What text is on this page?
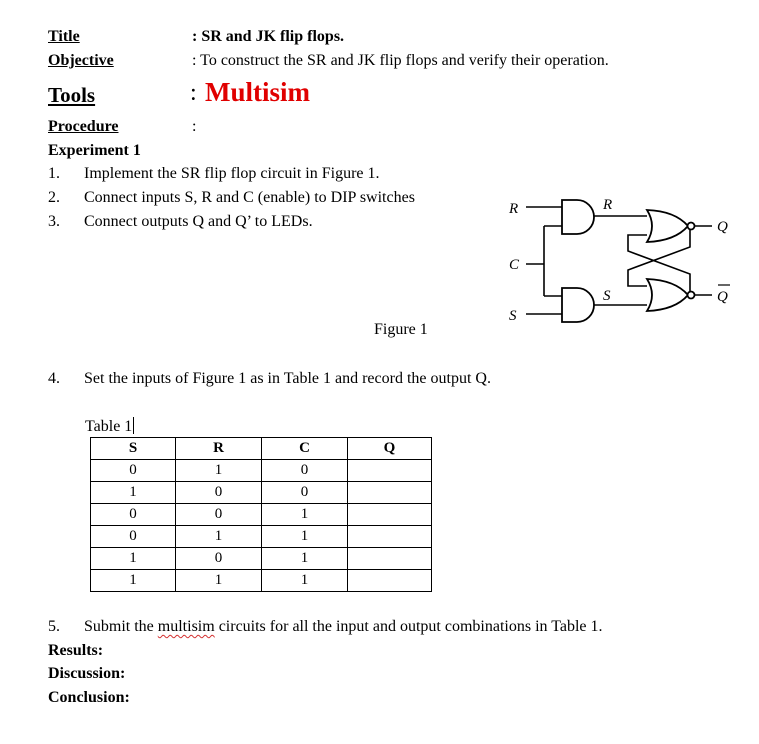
Title	: SR and JK flip flops.
Objective	: To construct the SR and JK flip flops and verify their operation.
Tools	: Multisim
Procedure	:
Experiment 1
1. Implement the SR flip flop circuit in Figure 1.
2. Connect inputs S, R and C (enable) to DIP switches
3. Connect outputs Q and Q’ to LEDs.
R
C
S
R
S
Q
Q
Figure 1
4. Set the inputs of Figure 1 as in Table 1 and record the output Q.
Table 1
S	R	C	Q
0	1	0	
1	0	0	
0	0	1	
0	1	1	
1	0	1	
1	1	1	
5. Submit the multisim circuits for all the input and output combinations in Table 1.
Results:
Discussion:
Conclusion:
